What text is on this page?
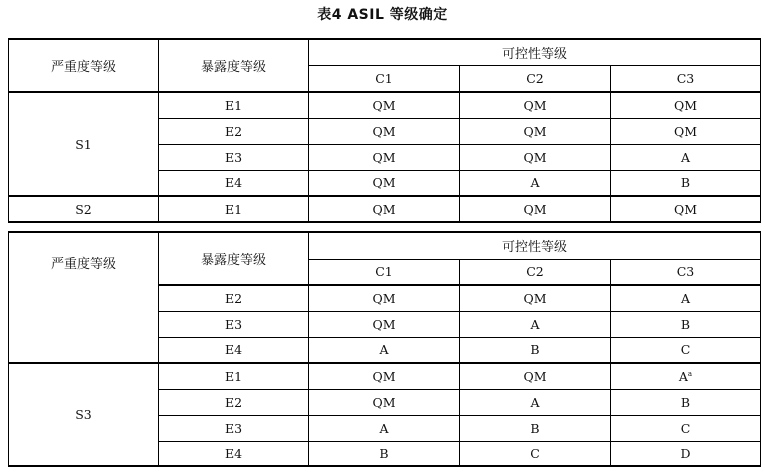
表4 ASIL 等级确定
严重度等级	暴露度等级	可控性等级		
		C1	C2	C3
S1	E1	QM	QM	QM
	E2	QM	QM	QM
	E3	QM	QM	A
	E4	QM	A	B
S2	E1	QM	QM	QM
严重度等级	暴露度等级	可控性等级		
		C1	C2	C3
	E2	QM	QM	A
	E3	QM	A	B
	E4	A	B	C
S3	E1	QM	QM	$A^a$
	E2	QM	A	B
	E3	A	B	C
	E4	B	C	D
